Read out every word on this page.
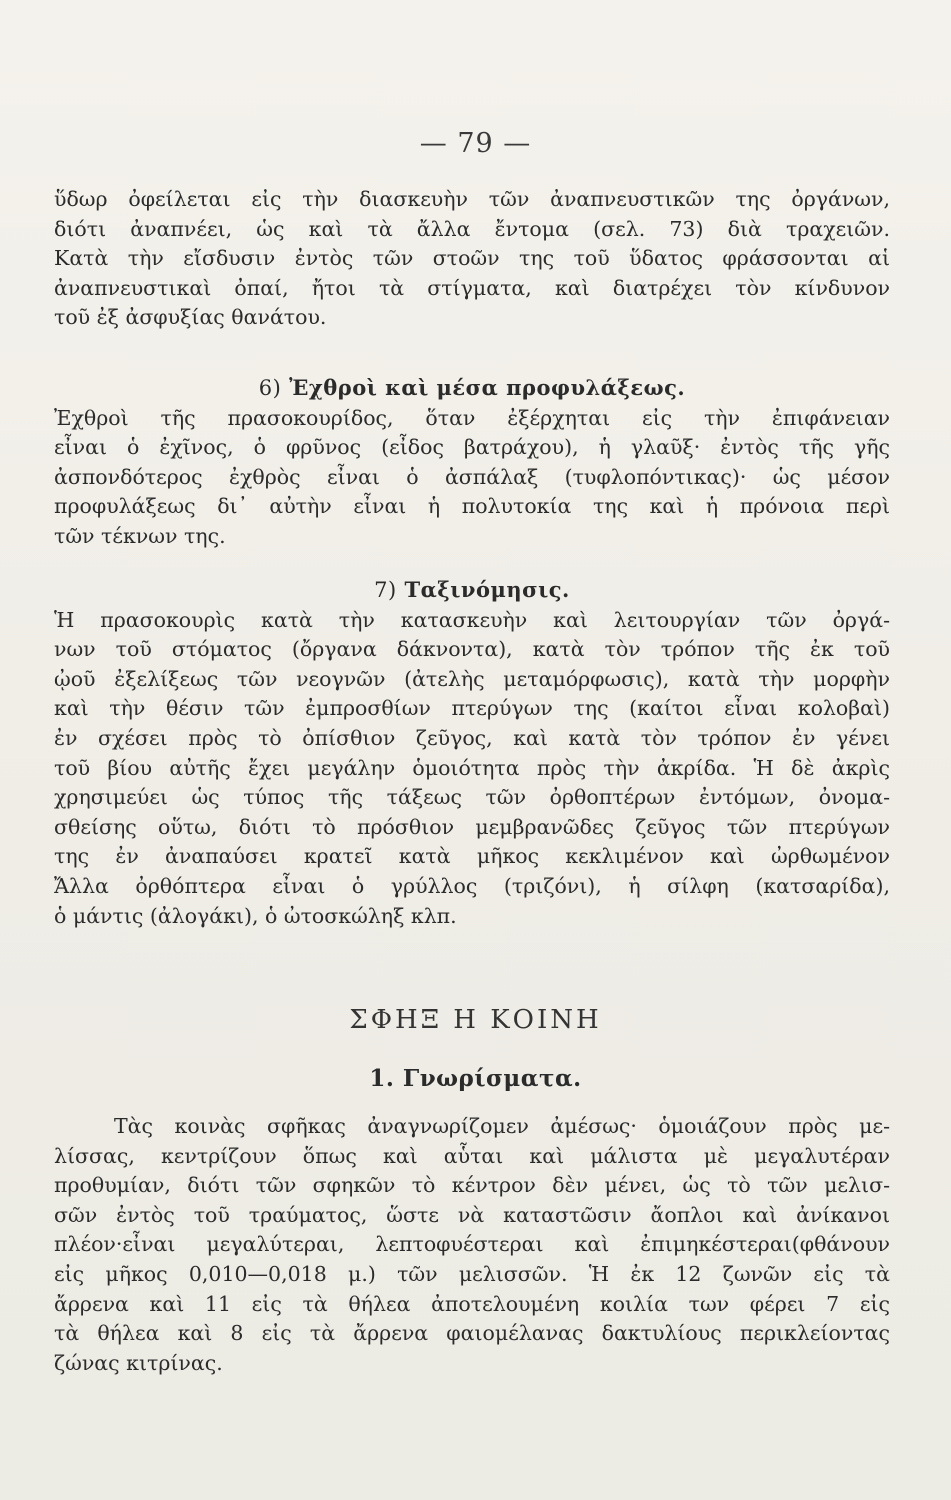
— 79 —
ὕδωρ ὀφείλεται εἰς τὴν διασκευὴν τῶν ἀναπνευστικῶν της ὀργάνων,
διότι ἀναπνέει, ὡς καὶ τὰ ἄλλα ἔντομα (σελ. 73) διὰ τραχειῶν.
Κατὰ τὴν εἴσδυσιν ἐντὸς τῶν στοῶν της τοῦ ὕδατος φράσσονται αἱ
ἀναπνευστικαὶ ὀπαί, ἤτοι τὰ στίγματα, καὶ διατρέχει τὸν κίνδυνον
τοῦ ἐξ ἀσφυξίας θανάτου.
6) Ἐχθροὶ καὶ μέσα προφυλάξεως.
Ἐχθροὶ τῆς πρασοκουρίδος, ὅταν ἐξέρχηται εἰς τὴν ἐπιφάνειαν
εἶναι ὁ ἐχῖνος, ὁ φρῦνος (εἶδος βατράχου), ἡ γλαῦξ· ἐντὸς τῆς γῆς
ἀσπονδότερος ἐχθρὸς εἶναι ὁ ἀσπάλαξ (τυφλοπόντικας)· ὡς μέσον
προφυλάξεως δι᾽ αὐτὴν εἶναι ἡ πολυτοκία της καὶ ἡ πρόνοια περὶ
τῶν τέκνων της.
7) Ταξινόμησις.
Ἡ πρασοκουρὶς κατὰ τὴν κατασκευὴν καὶ λειτουργίαν τῶν ὀργά-
νων τοῦ στόματος (ὄργανα δάκνοντα), κατὰ τὸν τρόπον τῆς ἐκ τοῦ
ᾠοῦ ἐξελίξεως τῶν νεογνῶν (ἀτελὴς μεταμόρφωσις), κατὰ τὴν μορφὴν
καὶ τὴν θέσιν τῶν ἐμπροσθίων πτερύγων της (καίτοι εἶναι κολοβαὶ)
ἐν σχέσει πρὸς τὸ ὀπίσθιον ζεῦγος, καὶ κατὰ τὸν τρόπον ἐν γένει
τοῦ βίου αὐτῆς ἔχει μεγάλην ὁμοιότητα πρὸς τὴν ἀκρίδα. Ἡ δὲ ἀκρὶς
χρησιμεύει ὡς τύπος τῆς τάξεως τῶν ὀρθοπτέρων ἐντόμων, ὀνομα-
σθείσης οὕτω, διότι τὸ πρόσθιον μεμβρανῶδες ζεῦγος τῶν πτερύγων
της ἐν ἀναπαύσει κρατεῖ κατὰ μῆκος κεκλιμένον καὶ ὠρθωμένον
Ἄλλα ὀρθόπτερα εἶναι ὁ γρύλλος (τριζόνι), ἡ σίλφη (κατσαρίδα),
ὁ μάντις (ἀλογάκι), ὁ ὠτοσκώληξ κλπ.
ΣΦΗΞ Η ΚΟΙΝΗ
1. Γνωρίσματα.
Τὰς κοινὰς σφῆκας ἀναγνωρίζομεν ἀμέσως· ὁμοιάζουν πρὸς με-
λίσσας, κεντρίζουν ὅπως καὶ αὗται καὶ μάλιστα μὲ μεγαλυτέραν
προθυμίαν, διότι τῶν σφηκῶν τὸ κέντρον δὲν μένει, ὡς τὸ τῶν μελισ-
σῶν ἐντὸς τοῦ τραύματος, ὥστε νὰ καταστῶσιν ἄοπλοι καὶ ἀνίκανοι
πλέον·εἶναι μεγαλύτεραι, λεπτοφυέστεραι καὶ ἐπιμηκέστεραι(φθάνουν
εἰς μῆκος 0,010—0,018 μ.) τῶν μελισσῶν. Ἡ ἐκ 12 ζωνῶν εἰς τὰ
ἄρρενα καὶ 11 εἰς τὰ θήλεα ἀποτελουμένη κοιλία των φέρει 7 εἰς
τὰ θήλεα καὶ 8 εἰς τὰ ἄρρενα φαιομέλανας δακτυλίους περικλείοντας
ζώνας κιτρίνας.
